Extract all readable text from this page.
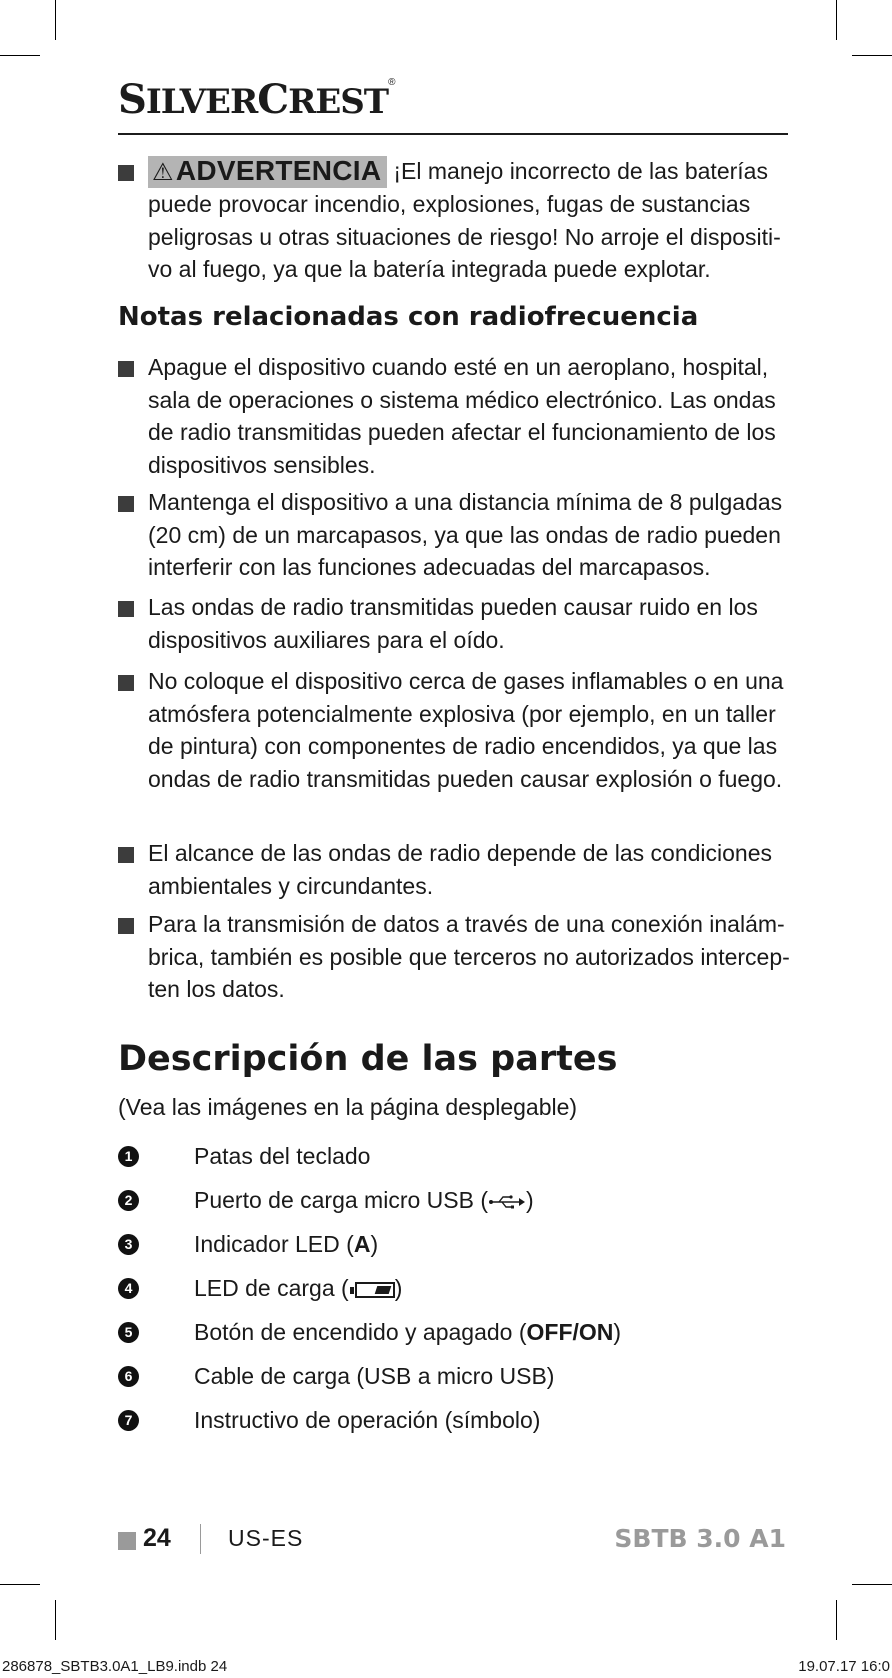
SILVERCREST®
⚠ADVERTENCIA ¡El manejo incorrecto de las baterías puede provocar incendio, explosiones, fugas de sustancias peligrosas u otras situaciones de riesgo! No arroje el dispositi-vo al fuego, ya que la batería integrada puede explotar.
Notas relacionadas con radiofrecuencia
Apague el dispositivo cuando esté en un aeroplano, hospital, sala de operaciones o sistema médico electrónico. Las ondas de radio transmitidas pueden afectar el funcionamiento de los dispositivos sensibles.
Mantenga el dispositivo a una distancia mínima de 8 pulgadas (20 cm) de un marcapasos, ya que las ondas de radio pueden interferir con las funciones adecuadas del marcapasos.
Las ondas de radio transmitidas pueden causar ruido en los dispositivos auxiliares para el oído.
No coloque el dispositivo cerca de gases inflamables o en una atmósfera potencialmente explosiva (por ejemplo, en un taller de pintura) con componentes de radio encendidos, ya que las ondas de radio transmitidas pueden causar explosión o fuego.
El alcance de las ondas de radio depende de las condiciones ambientales y circundantes.
Para la transmisión de datos a través de una conexión inalám-brica, también es posible que terceros no autorizados intercep-ten los datos.
Descripción de las partes
(Vea las imágenes en la página desplegable)
1	Patas del teclado
2	Puerto de carga micro USB ( )
3	Indicador LED (A)
4	LED de carga ( )
5	Botón de encendido y apagado (OFF/ON)
6	Cable de carga (USB a micro USB)
7	Instructivo de operación (símbolo)
24 US-ES	SBTB 3.0 A1
286878_SBTB3.0A1_LB9.indb 24	19.07.17 16:0
